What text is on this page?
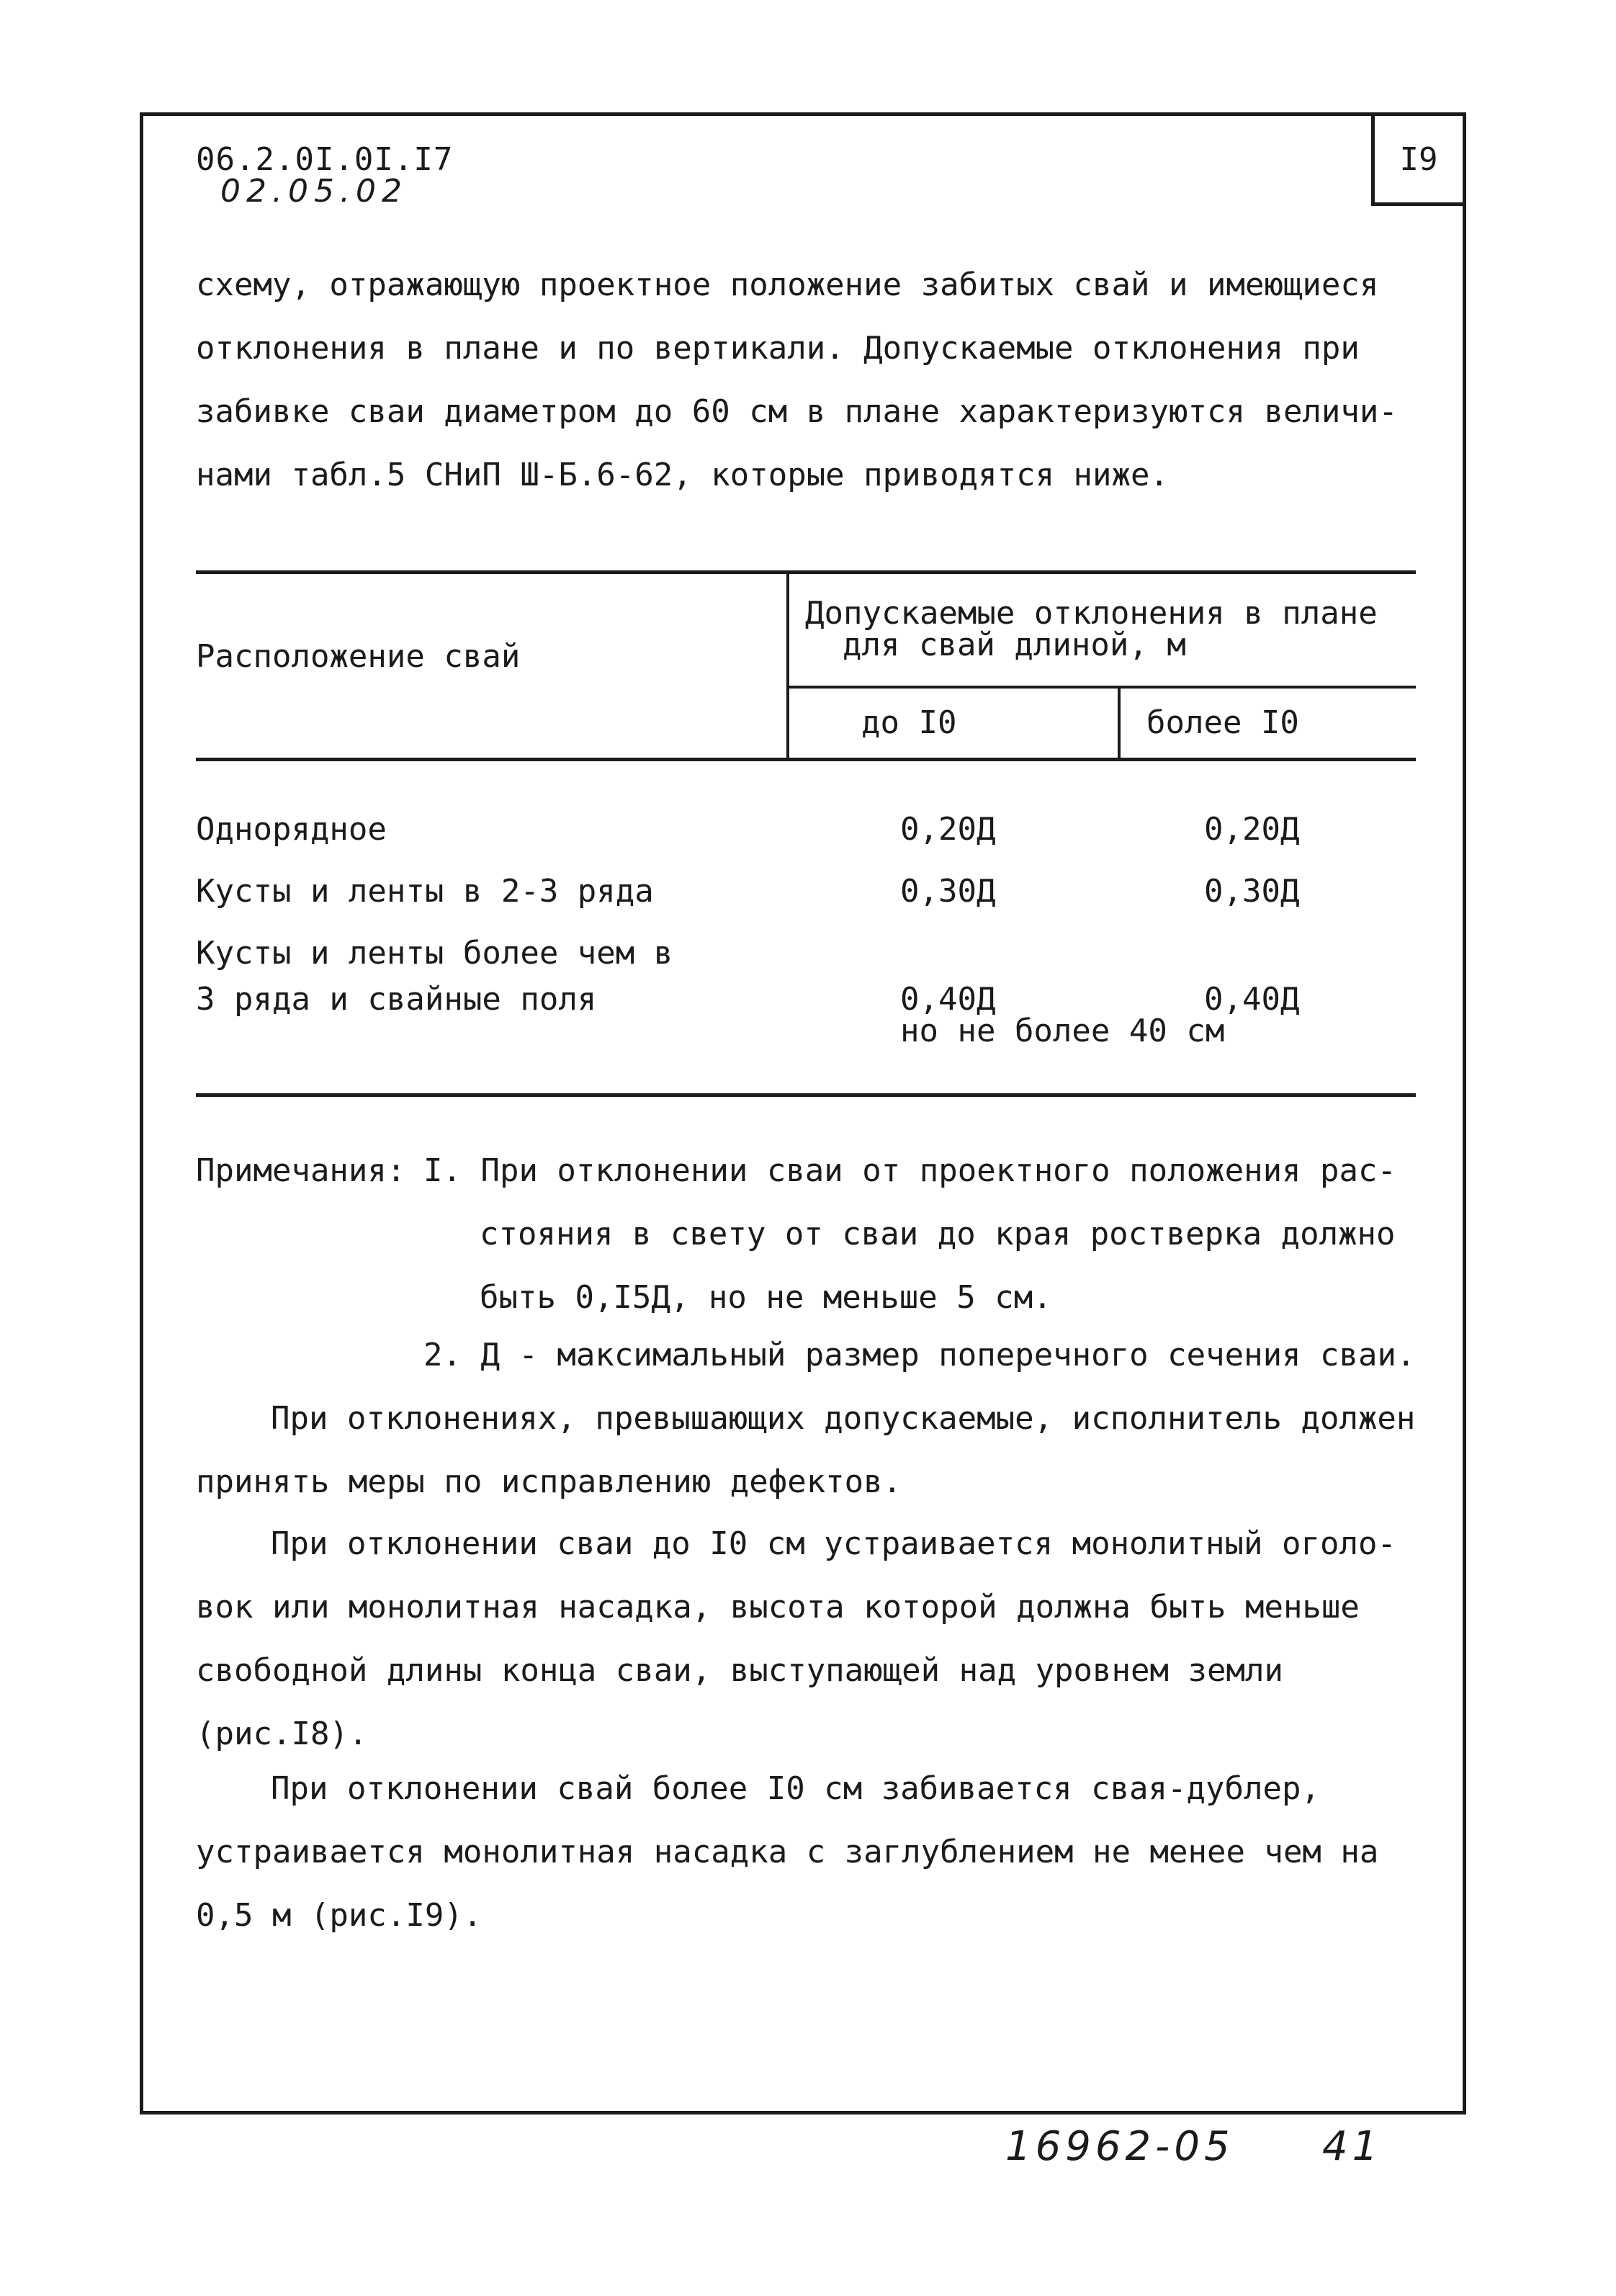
I9
06.2.0I.0I.I7
02.05.02
схему, отражающую проектное положение забитых свай и имеющиеся
отклонения в плане и по вертикали. Допускаемые отклонения при
забивке сваи диаметром до 60 см в плане характеризуются величи-
нами табл.5 СНиП Ш-Б.6-62, которые приводятся ниже.
Расположение свай
Допускаемые отклонения в плане
для свай длиной, м
до I0	более I0
Однорядное	0,20Д	0,20Д
Кусты и ленты в 2-3 ряда	0,30Д	0,30Д
Кусты и ленты более чем в
3 ряда и свайные поля	0,40Д	0,40Д
но не более 40 см
Примечания: I. При отклонении сваи от проектного положения рас-
стояния в свету от сваи до края ростверка должно
быть 0,I5Д, но не меньше 5 см.
2. Д - максимальный размер поперечного сечения сваи.
При отклонениях, превышающих допускаемые, исполнитель должен
принять меры по исправлению дефектов.
При отклонении сваи до I0 см устраивается монолитный оголо-
вок или монолитная насадка, высота которой должна быть меньше
свободной длины конца сваи, выступающей над уровнем земли
(рис.I8).
При отклонении свай более I0 см забивается свая-дублер,
устраивается монолитная насадка с заглублением не менее чем на
0,5 м (рис.I9).
16962-05 41
